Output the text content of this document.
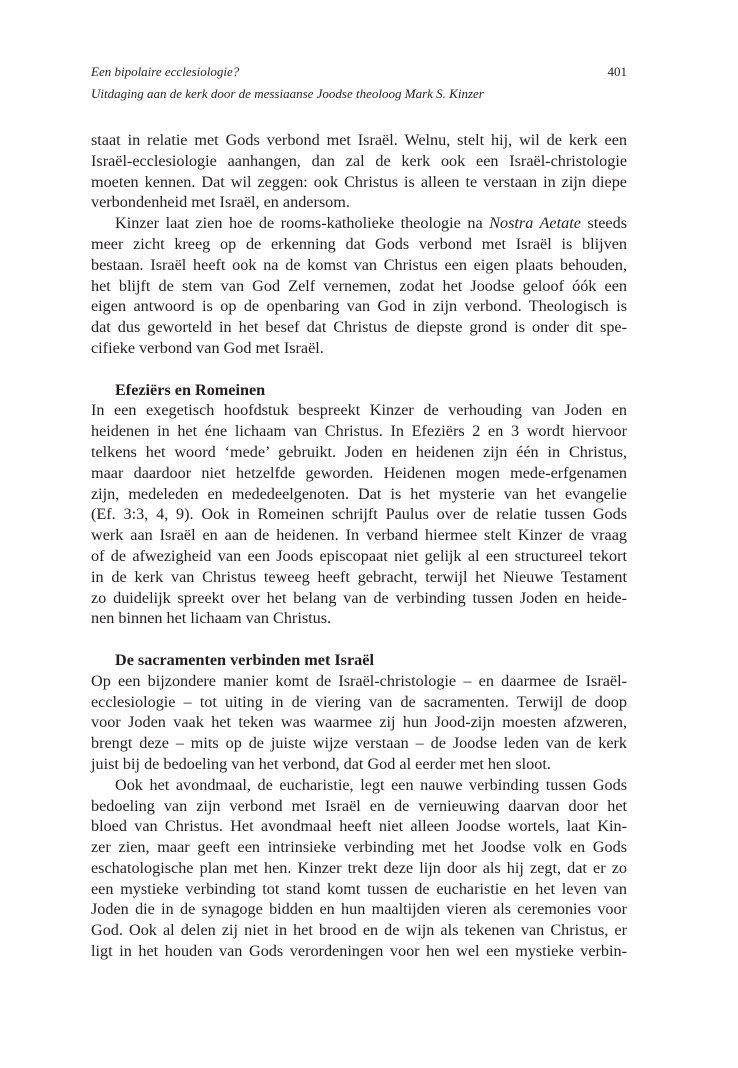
Een bipolaire ecclesiologie?	401
Uitdaging aan de kerk door de messiaanse Joodse theoloog Mark S. Kinzer
staat in relatie met Gods verbond met Israël. Welnu, stelt hij, wil de kerk een
Israël-ecclesiologie aanhangen, dan zal de kerk ook een Israël-christologie
moeten kennen. Dat wil zeggen: ook Christus is alleen te verstaan in zijn diepe
verbondenheid met Israël, en andersom.
Kinzer laat zien hoe de rooms-katholieke theologie na Nostra Aetate steeds
meer zicht kreeg op de erkenning dat Gods verbond met Israël is blijven
bestaan. Israël heeft ook na de komst van Christus een eigen plaats behouden,
het blijft de stem van God Zelf vernemen, zodat het Joodse geloof óók een
eigen antwoord is op de openbaring van God in zijn verbond. Theologisch is
dat dus geworteld in het besef dat Christus de diepste grond is onder dit spe-
cifieke verbond van God met Israël.
Efeziërs en Romeinen
In een exegetisch hoofdstuk bespreekt Kinzer de verhouding van Joden en
heidenen in het éne lichaam van Christus. In Efeziërs 2 en 3 wordt hiervoor
telkens het woord ‘mede’ gebruikt. Joden en heidenen zijn één in Christus,
maar daardoor niet hetzelfde geworden. Heidenen mogen mede-erfgenamen
zijn, medeleden en mededeelgenoten. Dat is het mysterie van het evangelie
(Ef. 3:3, 4, 9). Ook in Romeinen schrijft Paulus over de relatie tussen Gods
werk aan Israël en aan de heidenen. In verband hiermee stelt Kinzer de vraag
of de afwezigheid van een Joods episcopaat niet gelijk al een structureel tekort
in de kerk van Christus teweeg heeft gebracht, terwijl het Nieuwe Testament
zo duidelijk spreekt over het belang van de verbinding tussen Joden en heide-
nen binnen het lichaam van Christus.
De sacramenten verbinden met Israël
Op een bijzondere manier komt de Israël-christologie – en daarmee de Israël-
ecclesiologie – tot uiting in de viering van de sacramenten. Terwijl de doop
voor Joden vaak het teken was waarmee zij hun Jood-zijn moesten afzweren,
brengt deze – mits op de juiste wijze verstaan – de Joodse leden van de kerk
juist bij de bedoeling van het verbond, dat God al eerder met hen sloot.
Ook het avondmaal, de eucharistie, legt een nauwe verbinding tussen Gods
bedoeling van zijn verbond met Israël en de vernieuwing daarvan door het
bloed van Christus. Het avondmaal heeft niet alleen Joodse wortels, laat Kin-
zer zien, maar geeft een intrinsieke verbinding met het Joodse volk en Gods
eschatologische plan met hen. Kinzer trekt deze lijn door als hij zegt, dat er zo
een mystieke verbinding tot stand komt tussen de eucharistie en het leven van
Joden die in de synagoge bidden en hun maaltijden vieren als ceremonies voor
God. Ook al delen zij niet in het brood en de wijn als tekenen van Christus, er
ligt in het houden van Gods verordeningen voor hen wel een mystieke verbin-
